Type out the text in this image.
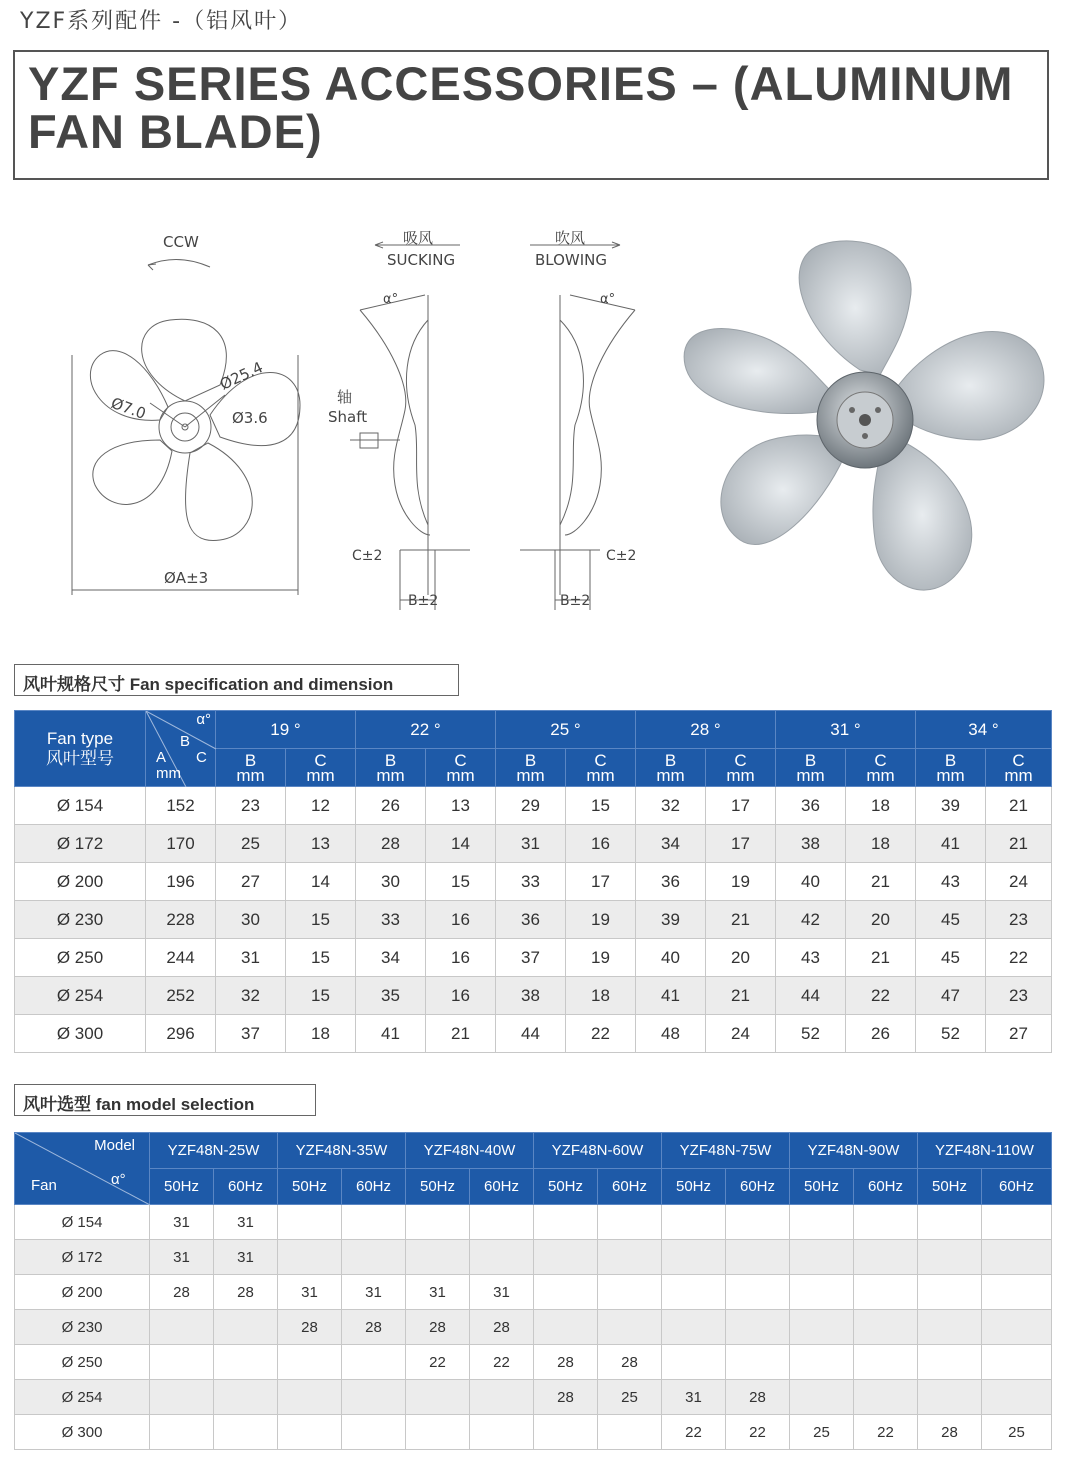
YZF系列配件 -（铝风叶）
YZF SERIES ACCESSORIES – (ALUMINUM FAN BLADE)
CCW
Ø7.0
Ø25.4
Ø3.6
ØA±3
吸风
SUCKING
吹风
BLOWING
α°	α°
轴
Shaft
C±2
B±2
C±2
B±2
风叶规格尺寸 Fan specification and dimension
Fan type
风叶型号	α°
B
A C
mm	19 °		22 °		25 °		28 °		31 °		34 °	

		B
mm	C
mm	B
mm	C
mm	B
mm	C
mm	B
mm	C
mm	B
mm	C
mm	B
mm	C
mm

Ø 154	152	23	12	26	13	29	15	32	17	36	18	39	21
Ø 172	170	25	13	28	14	31	16	34	17	38	18	41	21
Ø 200	196	27	14	30	15	33	17	36	19	40	21	43	24
Ø 230	228	30	15	33	16	36	19	39	21	42	20	45	23
Ø 250	244	31	15	34	16	37	19	40	20	43	21	45	22
Ø 254	252	32	15	35	16	38	18	41	21	44	22	47	23
Ø 300	296	37	18	41	21	44	22	48	24	52	26	52	27
风叶选型 fan model selection
Model
Fan α°	YZF48N-25W		YZF48N-35W		YZF48N-40W		YZF48N-60W		YZF48N-75W		YZF48N-90W		YZF48N-110W	
	50Hz	60Hz	50Hz	60Hz	50Hz	60Hz	50Hz	60Hz	50Hz	60Hz	50Hz	60Hz	50Hz	60Hz
Ø 154	31	31												
Ø 172	31	31												
Ø 200	28	28	31	31	31	31								
Ø 230			28	28	28	28								
Ø 250					22	22	28	28						
Ø 254							28	25	31	28				
Ø 300									22	22	25	22	28	25
